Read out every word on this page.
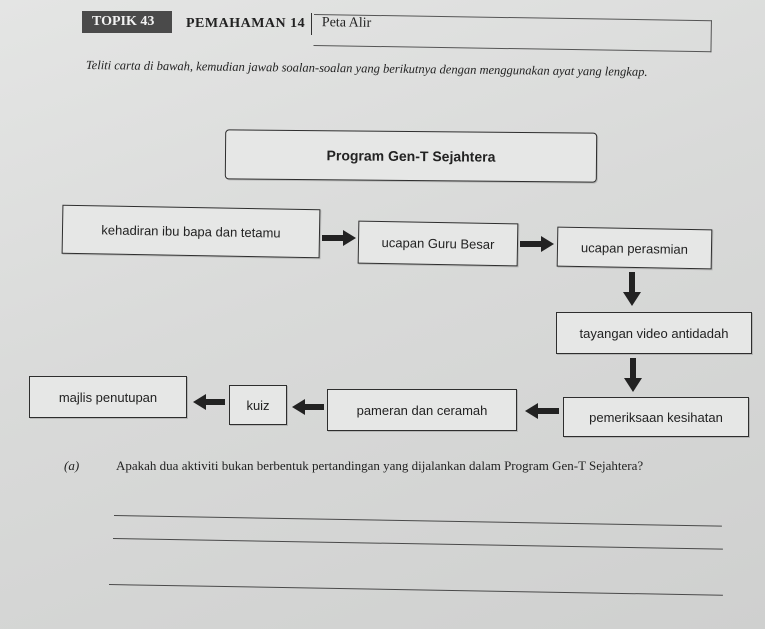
TOPIK 43	PEMAHAMAN 14	Peta Alir
Teliti carta di bawah, kemudian jawab soalan-soalan yang berikutnya dengan menggunakan ayat yang lengkap.
Program Gen-T Sejahtera
kehadiran ibu bapa dan tetamu
ucapan Guru Besar	ucapan perasmian
tayangan video antidadah
pemeriksaan kesihatan
pameran dan ceramah
kuiz
majlis penutupan
(a)	Apakah dua aktiviti bukan berbentuk pertandingan yang dijalankan dalam Program Gen-T Sejahtera?
